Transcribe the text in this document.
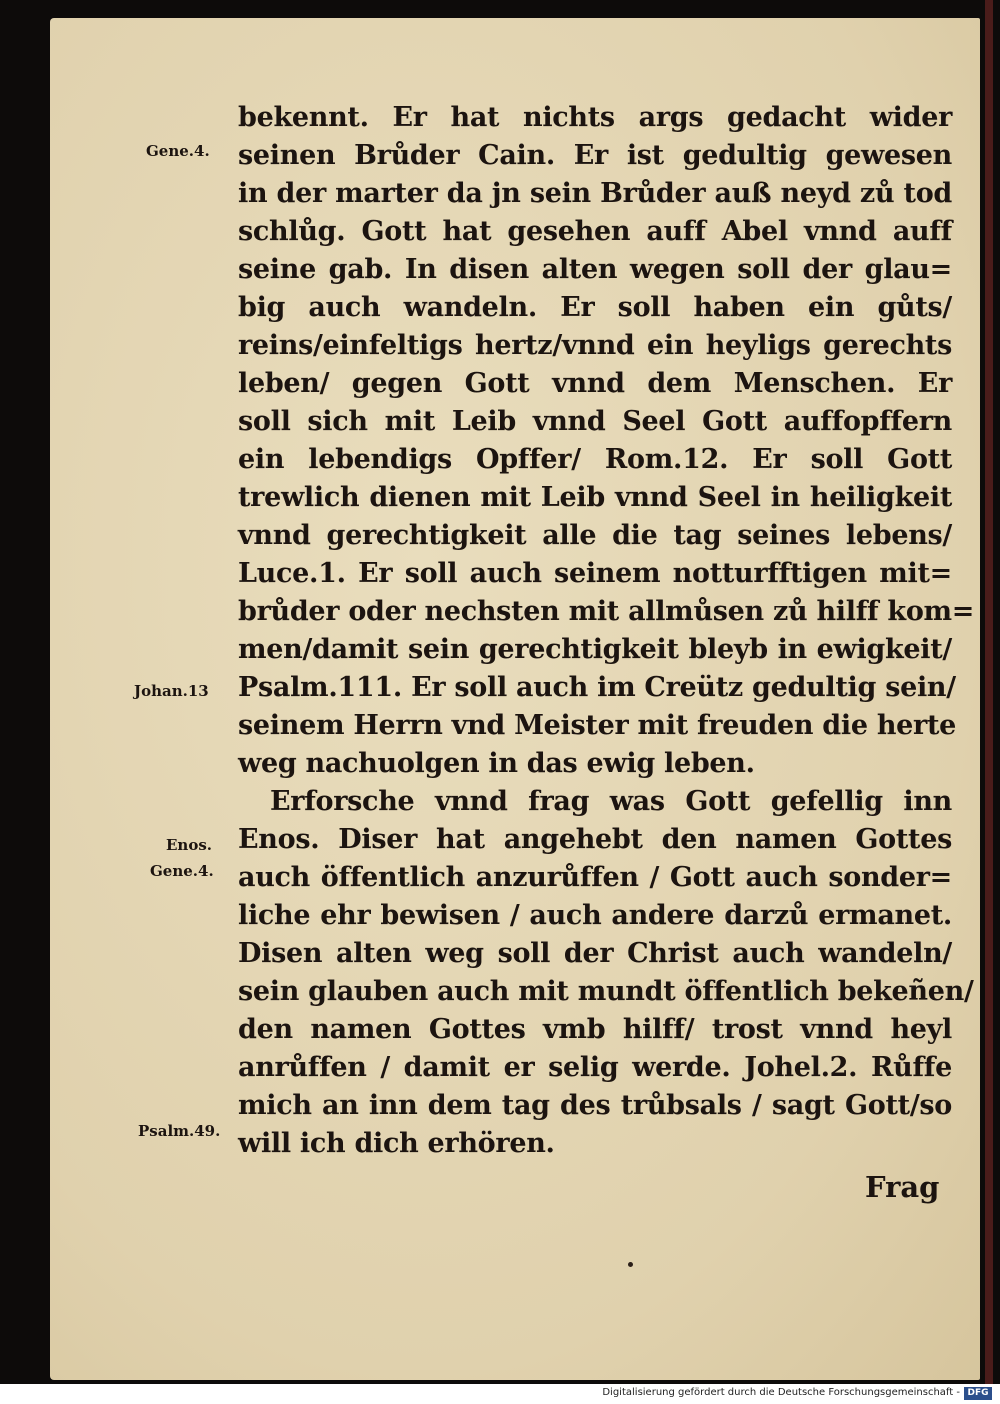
bekennt. Er hat nichts args gedacht wider
seinen Brůder Cain. Er ist gedultig gewesen
in der marter da jn sein Brůder auß neyd zů tod
schlůg. Gott hat gesehen auff Abel vnnd auff
seine gab. In disen alten wegen soll der glau=
big auch wandeln. Er soll haben ein gůts/
reins/einfeltigs hertz/vnnd ein heyligs gerechts
leben/ gegen Gott vnnd dem Menschen. Er
soll sich mit Leib vnnd Seel Gott auffopffern
ein lebendigs Opffer/ Rom.12. Er soll Gott
trewlich dienen mit Leib vnnd Seel in heiligkeit
vnnd gerechtigkeit alle die tag seines lebens/
Luce.1. Er soll auch seinem notturfftigen mit=
brůder oder nechsten mit allmůsen zů hilff kom=
men/damit sein gerechtigkeit bleyb in ewigkeit/
Psalm.111. Er soll auch im Creütz gedultig sein/
seinem Herrn vnd Meister mit freuden die herte
weg nachuolgen in das ewig leben.
Erforsche vnnd frag was Gott gefellig inn
Enos. Diser hat angehebt den namen Gottes
auch öffentlich anzurůffen / Gott auch sonder=
liche ehr bewisen / auch andere darzů ermanet.
Disen alten weg soll der Christ auch wandeln/
sein glauben auch mit mundt öffentlich bekeñen/
den namen Gottes vmb hilff/ trost vnnd heyl
anrůffen / damit er selig werde. Johel.2. Růffe
mich an inn dem tag des trůbsals / sagt Gott/so
will ich dich erhören.
Gene.4.
Johan.13
Enos.
Gene.4.
Psalm.49.
Frag
Digitalisierung gefördert durch die Deutsche Forschungsgemeinschaft - DFG
